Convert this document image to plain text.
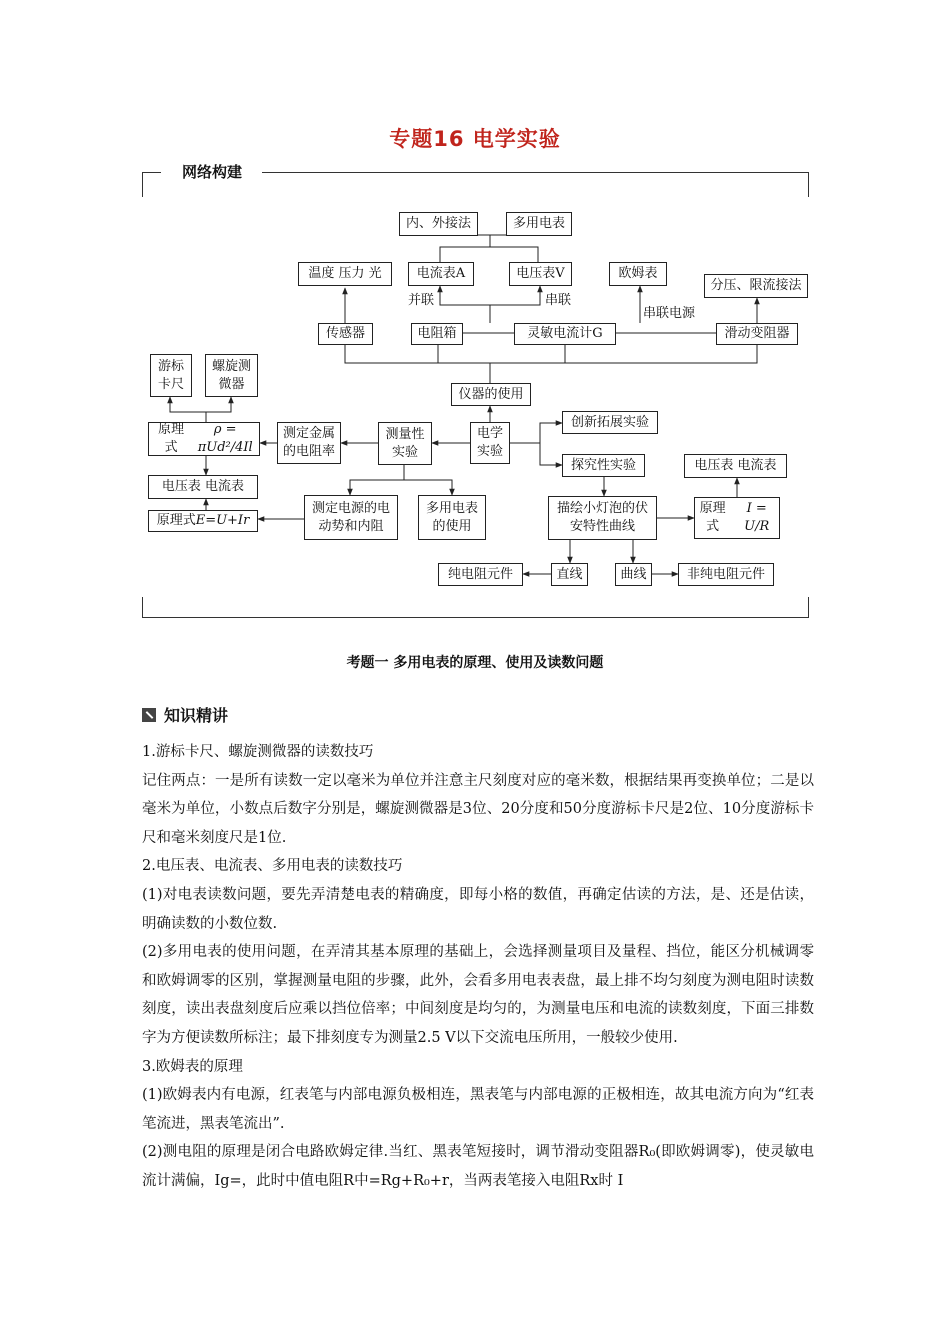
专题16 电学实验
网络构建
内、外接法	多用电表
温度 压力 光	电流表A	电压表V	欧姆表
分压、限流接法
并联	串联
串联电源
传感器	电阻箱	灵敏电流计G	滑动变阻器
游标
卡尺
螺旋测
微器
仪器的使用
原理式

ρ = πUd²/4Il
测定金属
的电阻率
测量性
实验
电学
实验
创新拓展实验
探究性实验	电压表 电流表
电压表 电流表
原理式 E=U+Ir
测定电源的电
动势和内阻
多用电表
的使用
描绘小灯泡的伏
安特性曲线
原理式

I = U/R
纯电阻元件	直线	曲线	非纯电阻元件
考题一 多用电表的原理、使用及读数问题
知识精讲

1.游标卡尺、螺旋测微器的读数技巧

记住两点：一是所有读数一定以毫米为单位并注意主尺刻度对应的毫米数，根据结果再变换单位；二是以毫米为单位，小数点后数字分别是，螺旋测微器是3位、20分度和50分度游标卡尺是2位、10分度游标卡尺和毫米刻度尺是1位.

2.电压表、电流表、多用电表的读数技巧

(1)对电表读数问题，要先弄清楚电表的精确度，即每小格的数值，再确定估读的方法，是、还是估读，明确读数的小数位数.

(2)多用电表的使用问题，在弄清其基本原理的基础上，会选择测量项目及量程、挡位，能区分机械调零和欧姆调零的区别，掌握测量电阻的步骤，此外，会看多用电表表盘，最上排不均匀刻度为测电阻时读数刻度，读出表盘刻度后应乘以挡位倍率；中间刻度是均匀的，为测量电压和电流的读数刻度，下面三排数字为方便读数所标注；最下排刻度专为测量2.5 V以下交流电压所用，一般较少使用.

3.欧姆表的原理

(1)欧姆表内有电源，红表笔与内部电源负极相连，黑表笔与内部电源的正极相连，故其电流方向为“红表笔流进，黑表笔流出”.

(2)测电阻的原理是闭合电路欧姆定律.当红、黑表笔短接时，调节滑动变阻器R₀(即欧姆调零)，使灵敏电流计满偏，Ig=，此时中值电阻R中=Rg+R₀+r，当两表笔接入电阻Rx时 I
